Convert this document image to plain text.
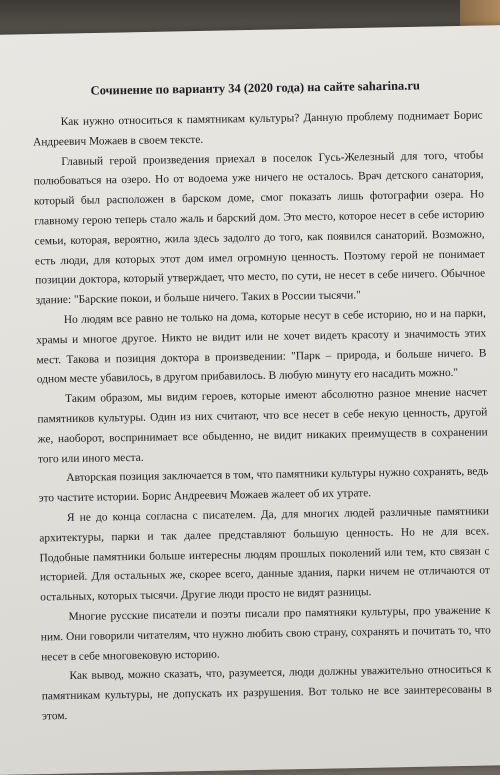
Сочинение по варианту 34 (2020 года) на сайте saharina.ru

Как нужно относиться к памятникам культуры? Данную проблему поднимает Борис Андреевич Можаев в своем тексте.

Главный герой произведения приехал в поселок Гусь-Железный для того, чтобы полюбоваться на озеро. Но от водоема уже ничего не осталось. Врач детского санатория, который был расположен в барском доме, смог показать лишь фотографии озера. Но главному герою теперь стало жаль и барский дом. Это место, которое несет в себе историю семьи, которая, вероятно, жила здесь задолго до того, как появился санаторий. Возможно, есть люди, для которых этот дом имел огромную ценность. Поэтому герой не понимает позиции доктора, который утверждает, что место, по сути, не несет в себе ничего. Обычное здание: "Барские покои, и больше ничего. Таких в России тысячи."

Но людям все равно не только на дома, которые несут в себе историю, но и на парки, храмы и многое другое. Никто не видит или не хочет видеть красоту и значимость этих мест. Такова и позиция доктора в произведении: "Парк – природа, и больше ничего. В одном месте убавилось, в другом прибавилось. В любую минуту его насадить можно."

Таким образом, мы видим героев, которые имеют абсолютно разное мнение насчет памятников культуры. Один из них считают, что все несет в себе некую ценность, другой же, наоборот, воспринимает все обыденно, не видит никаких преимуществ в сохранении того или иного места.

Авторская позиция заключается в том, что памятники культуры нужно сохранять, ведь это частите истории. Борис Андреевич Можаев жалеет об их утрате.

Я не до конца согласна с писателем. Да, для многих людей различные памятники архитектуры, парки и так далее представляют большую ценность. Но не для всех. Подобные памятники больше интересны людям прошлых поколений или тем, кто связан с историей. Для остальных же, скорее всего, данные здания, парки ничем не отличаются от остальных, которых тысячи. Другие люди просто не видят разницы.

Многие русские писатели и поэты писали про памятняки культуры, про уважение к ним. Они говорили читателям, что нужно любить свою страну, сохранять и почитать то, что несет в себе многовековую историю.

Как вывод, можно сказать, что, разумеется, люди должны уважительно относиться к памятникам культуры, не допускать их разрушения. Вот только не все заинтересованы в этом.
